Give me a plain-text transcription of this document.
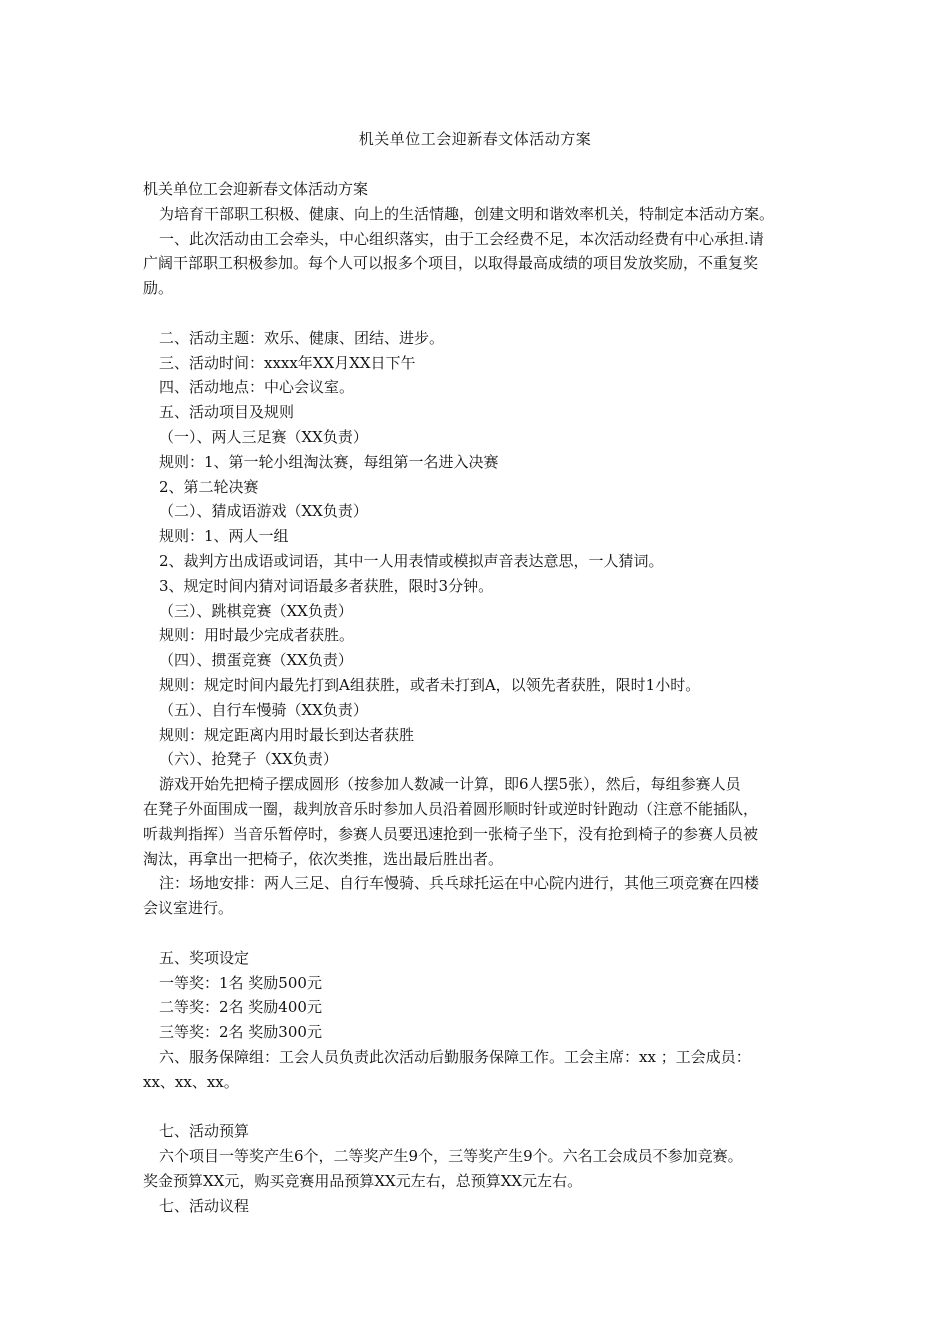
机关单位工会迎新春文体活动方案
机关单位工会迎新春文体活动方案
为培育干部职工积极、健康、向上的生活情趣，创建文明和谐效率机关，特制定本活动方案。
一、此次活动由工会牵头，中心组织落实，由于工会经费不足，本次活动经费有中心承担.请
广阔干部职工积极参加。每个人可以报多个项目，以取得最高成绩的项目发放奖励，不重复奖
励。
二、活动主题：欢乐、健康、团结、进步。
三、活动时间：xxxx年XX月XX日下午
四、活动地点：中心会议室。
五、活动项目及规则
（一）、两人三足赛（XX负责）
规则：1、第一轮小组淘汰赛，每组第一名进入决赛
2、第二轮决赛
（二）、猜成语游戏（XX负责）
规则：1、两人一组
2、裁判方出成语或词语，其中一人用表情或模拟声音表达意思，一人猜词。
3、规定时间内猜对词语最多者获胜，限时3分钟。
（三）、跳棋竞赛（XX负责）
规则：用时最少完成者获胜。
（四）、掼蛋竞赛（XX负责）
规则：规定时间内最先打到A组获胜，或者未打到A，以领先者获胜，限时1小时。
（五）、自行车慢骑（XX负责）
规则：规定距离内用时最长到达者获胜
（六）、抢凳子（XX负责）
游戏开始先把椅子摆成圆形（按参加人数减一计算，即6人摆5张），然后，每组参赛人员
在凳子外面围成一圈，裁判放音乐时参加人员沿着圆形顺时针或逆时针跑动（注意不能插队，
听裁判指挥）当音乐暂停时，参赛人员要迅速抢到一张椅子坐下，没有抢到椅子的参赛人员被
淘汰，再拿出一把椅子，依次类推，选出最后胜出者。
注：场地安排：两人三足、自行车慢骑、兵乓球托运在中心院内进行，其他三项竞赛在四楼
会议室进行。
五、奖项设定
一等奖：1名 奖励500元
二等奖：2名 奖励400元
三等奖：2名 奖励300元
六、服务保障组：工会人员负责此次活动后勤服务保障工作。工会主席：xx ；工会成员：
xx、xx、xx。
七、活动预算
六个项目一等奖产生6个，二等奖产生9个，三等奖产生9个。六名工会成员不参加竞赛。
奖金预算XX元，购买竞赛用品预算XX元左右，总预算XX元左右。
七、活动议程
